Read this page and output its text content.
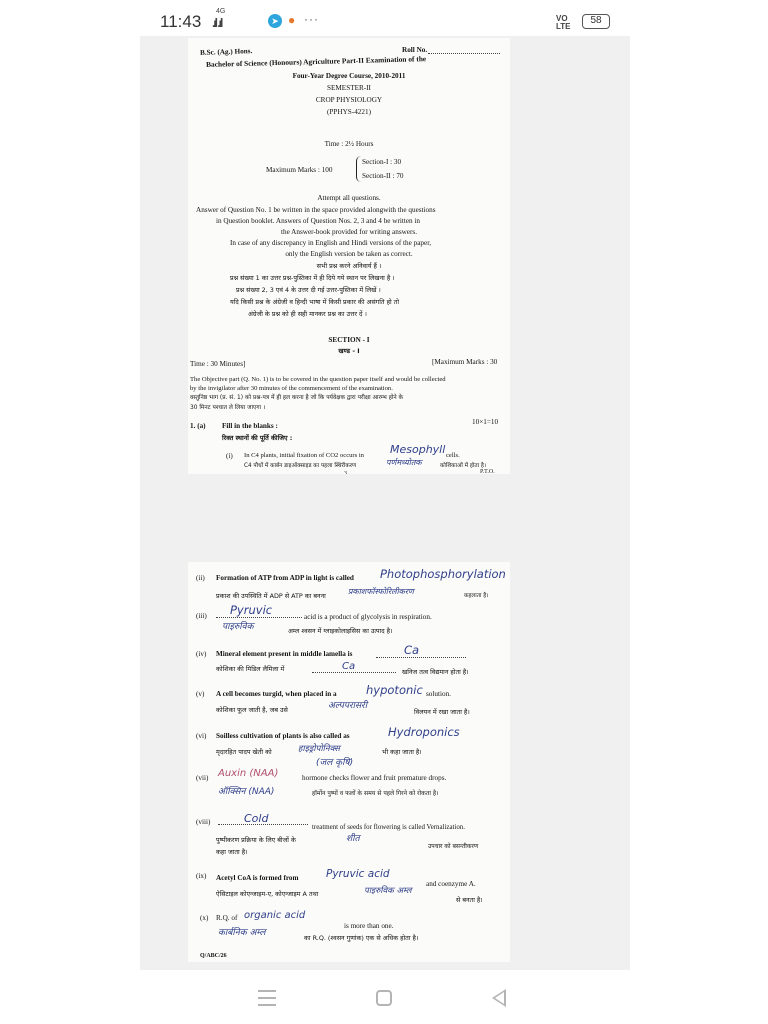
11:43
4G
.ıl .ıl	➤ ● ···	VO
LTE
58
B.Sc. (Ag.) Hons.	Roll No.
Bachelor of Science (Honours) Agriculture Part-II Examination of the
Four-Year Degree Course, 2010-2011
SEMESTER-II
CROP PHYSIOLOGY
(PPHYS-4221)
Time : 2½ Hours
Maximum Marks : 100
Section-I : 30
Section-II : 70
Attempt all questions.
Answer of Question No. 1 be written in the space provided alongwith the questions
in Question booklet. Answers of Question Nos. 2, 3 and 4 be written in
the Answer-book provided for writing answers.
In case of any discrepancy in English and Hindi versions of the paper,
only the English version be taken as correct.
सभी प्रश्न करने अनिवार्य हैं ।
प्रश्न संख्या 1 का उत्तर प्रश्न-पुस्तिका में ही दिये गये स्थान पर लिखना है ।
प्रश्न संख्या 2, 3 एवं 4 के उत्तर दी गई उत्तर-पुस्तिका में लिखें ।
यदि किसी प्रश्न के अंग्रेजी व हिन्दी भाषा में किसी प्रकार की असंगति हो तो
अंग्रेजी के प्रश्न को ही सही मानकर प्रश्न का उत्तर दें ।
SECTION - I
खण्ड - I
Time : 30 Minutes]	[Maximum Marks : 30
The Objective part (Q. No. 1) is to be covered in the question paper itself and would be collected
by the invigilator after 30 minutes of the commencement of the examination.
वस्तुनिष्ठ भाग (प्र. सं. 1) को प्रश्न-पत्र में ही हल करना है जो कि पर्यवेक्षक द्वारा परीक्षा आरम्भ होने के
30 मिनट पश्चात ले लिया जाएगा ।
1. (a) Fill in the blanks :	10×1=10
रिक्त स्थानों की पूर्ति कीजिए :
(i) In C4 plants, initial fixation of CO2 occurs in Mesophyll cells.
C4 पौधों में कार्बन डाइऑक्साइड का पहला स्थिरीकरण	पर्णमध्योतक	कोशिकाओं में होता है।
P.T.O.
3
(ii) Formation of ATP from ADP in light is called Photophosphorylation
प्रकाश की उपस्थिति में ADP से ATP का बनना	प्रकाशफॉस्फोरिलीकरण	कहलाता है।
(iii) Pyruvic	acid is a product of glycolysis in respiration.
पाइरुविक	अम्ल श्वसन में ग्लाइकोलाइसिस का उत्पाद है।
(iv) Mineral element present in middle lamella is	Ca
कोशिका की मिडिल लैमिला में	Ca	खनिज तत्व विद्यमान होता है।
(v) A cell becomes turgid, when placed in a	hypotonic solution.
कोशिका फूल जाती है, जब उसे	अल्पपरासरी
विलयन में रखा जाता है।
(vi) Soilless cultivation of plants is also called as	Hydroponics
मृदारहित पादप खेती को	हाइड्रोपोनिक्स	भी कहा जाता है।
(जल कृषि)
(vii) Auxin (NAA)	hormone checks flower and fruit premature drops.
ऑक्सिन (NAA)	हॉर्मोन पुष्पों व फलों के समय से पहले गिरने को रोकता है।
(viii)	Cold
treatment of seeds for flowering is called Vernalization.
पुष्पीकरण प्रक्रिया के लिए बीजों के	शीत
उपचार को बसन्तीकरण
कहा जाता है।
(ix) Acetyl CoA is formed from	Pyruvic acid
and coenzyme A.
ऐसिटाइल कोएन्जाइम-ए, कोएन्जाइम A तथा	पाइरुविक अम्ल
से बनता है।
(x) R.Q. of organic acid
is more than one.
कार्बनिक अम्ल	का R.Q. (श्वसन गुणांक) एक से अधिक होता है।
Q/ABC/26
